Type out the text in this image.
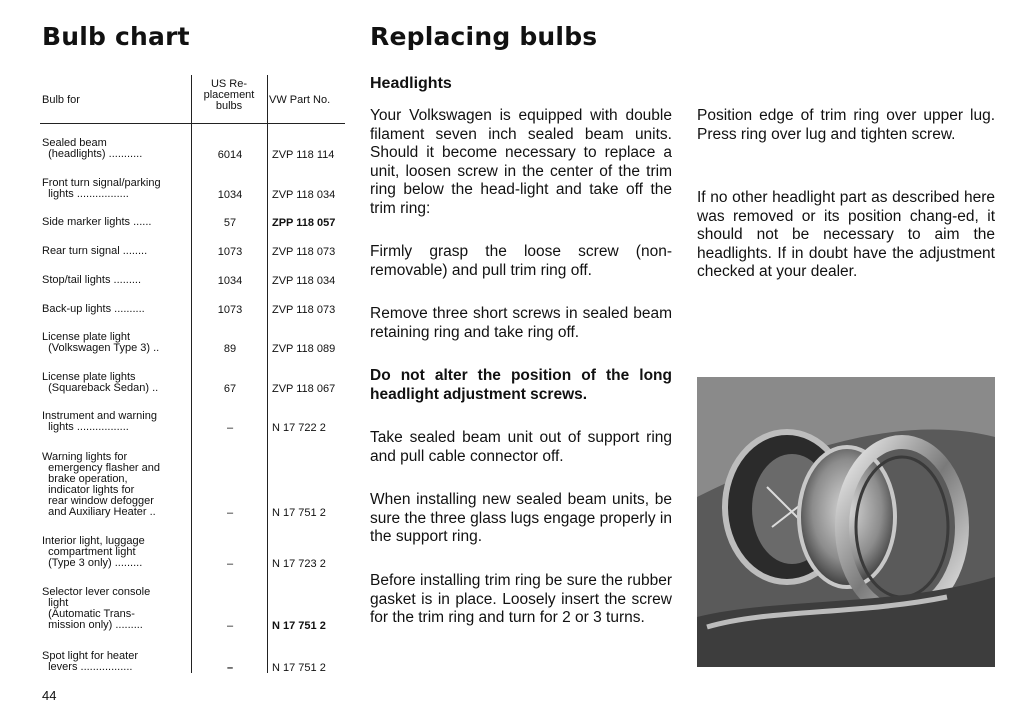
Bulb chart	Replacing bulbs
Bulb for
US Re-
placement
bulbs	VW Part No.
Sealed beam
(headlights) ...........	6014	ZVP 118 114
Front turn signal/parking
lights .................	1034	ZVP 118 034
Side marker lights ......	57	ZPP 118 057
Rear turn signal ........	1073	ZVP 118 073
Stop/tail lights .........	1034	ZVP 118 034
Back-up lights ..........	1073	ZVP 118 073
License plate light
(Volkswagen Type 3) ..	89	ZVP 118 089
License plate lights
(Squareback Sedan) ..	67	ZVP 118 067
Instrument and warning
lights .................	–	N 17 722 2
Warning lights for
emergency flasher and
brake operation,
indicator lights for
rear window defogger
and Auxiliary Heater ..	–	N 17 751 2
Interior light, luggage
compartment light
(Type 3 only) .........	–	N 17 723 2
Selector lever console
light
(Automatic Trans-
mission only) .........	–	N 17 751 2
Spot light for heater
levers .................	–	N 17 751 2
44
Headlights
Your Volkswagen is equipped with double filament seven inch sealed beam units. Should it become necessary to replace a unit, loosen screw in the center of the trim ring below the head-light and take off the trim ring:
Firmly grasp the loose screw (non-removable) and pull trim ring off.
Remove three short screws in sealed beam retaining ring and take ring off.
Do not alter the position of the long headlight adjustment screws.
Take sealed beam unit out of support ring and pull cable connector off.
When installing new sealed beam units, be sure the three glass lugs engage properly in the support ring.
Before installing trim ring be sure the rubber gasket is in place. Loosely insert the screw for the trim ring and turn for 2 or 3 turns.
Position edge of trim ring over upper lug. Press ring over lug and tighten screw.
If no other headlight part as described here was removed or its position chang-ed, it should not be necessary to aim the headlights. If in doubt have the adjustment checked at your dealer.
